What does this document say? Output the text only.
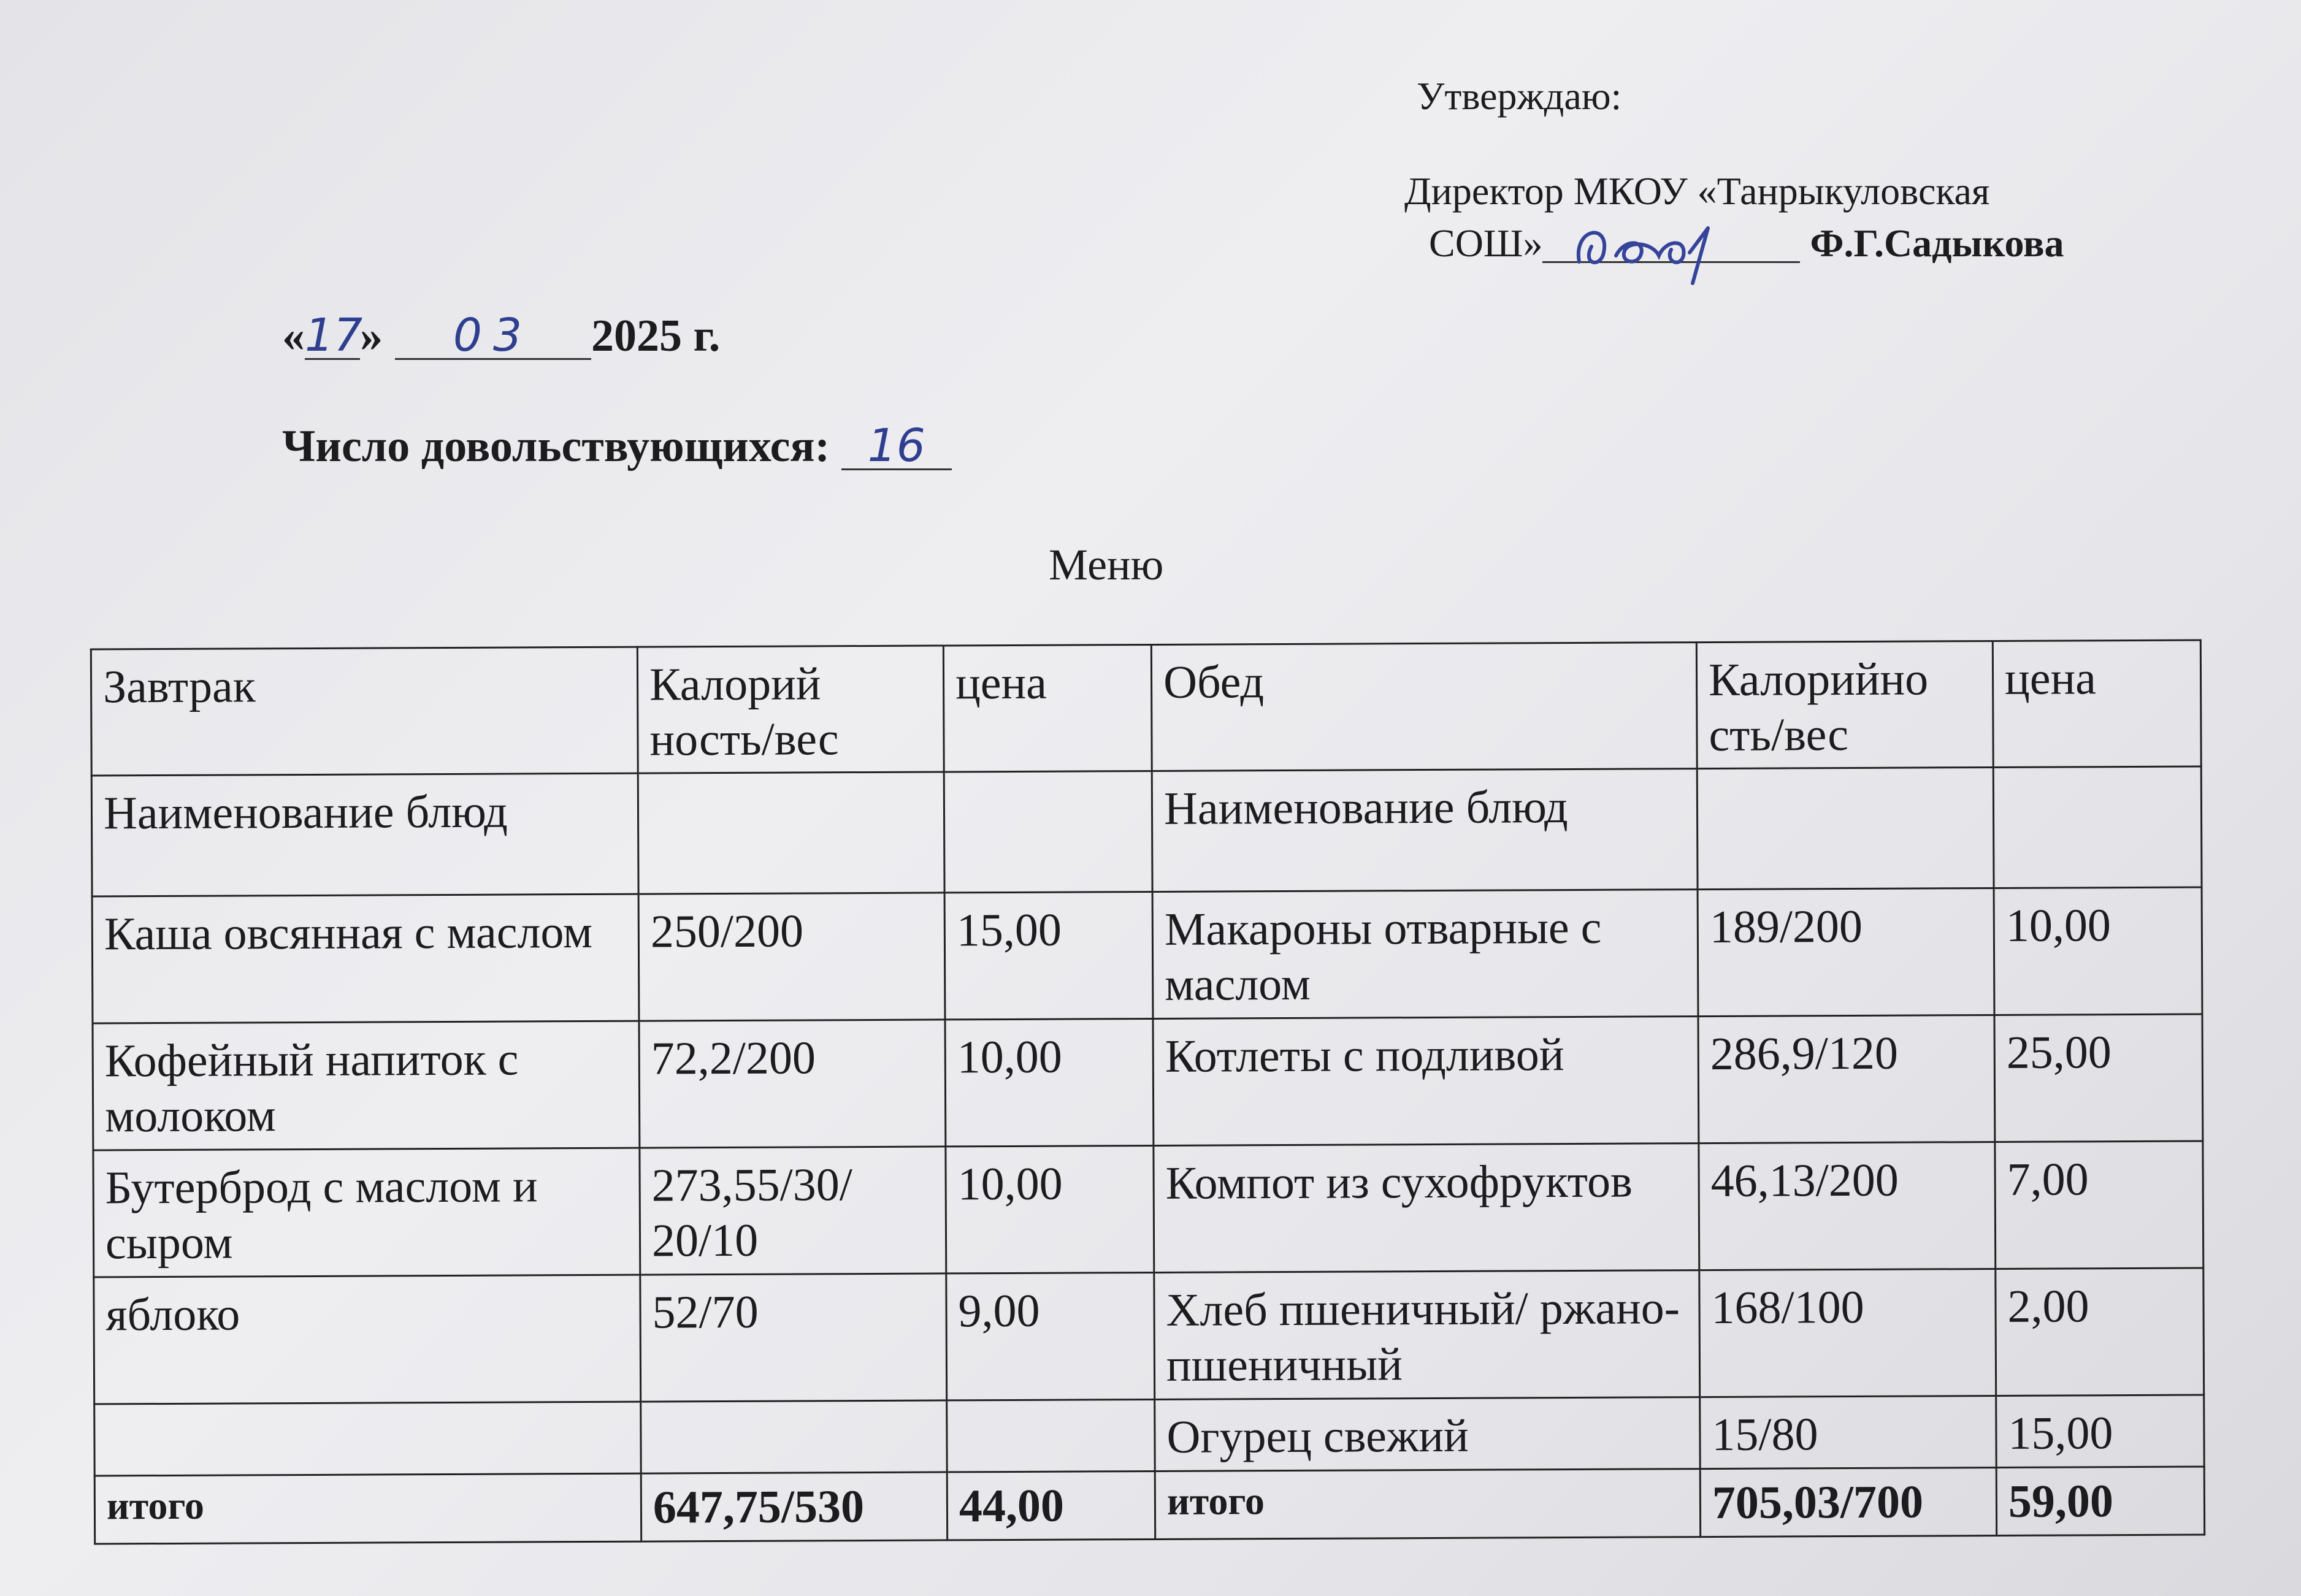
Утверждаю:
Директор МКОУ «Танрыкуловская
СОШ»	Ф.Г.Садыкова
«17» 03 2025 г.
Число довольствующихся: 16
Меню
Завтрак	Калорий ность/вес	цена	Обед	Калорийно сть/вес	цена
Наименование блюд			Наименование блюд		
Каша овсянная с маслом	250/200	15,00	Макароны отварные с маслом	189/200	10,00
Кофейный напиток с молоком	72,2/200	10,00	Котлеты с подливой	286,9/120	25,00
Бутерброд с маслом и сыром	273,55/30/ 20/10	10,00	Компот из сухофруктов	46,13/200	7,00
яблоко	52/70	9,00	Хлеб пшеничный/ ржано-пшеничный	168/100	2,00
			Огурец свежий	15/80	15,00
итого	647,75/530	44,00	итого	705,03/700	59,00
